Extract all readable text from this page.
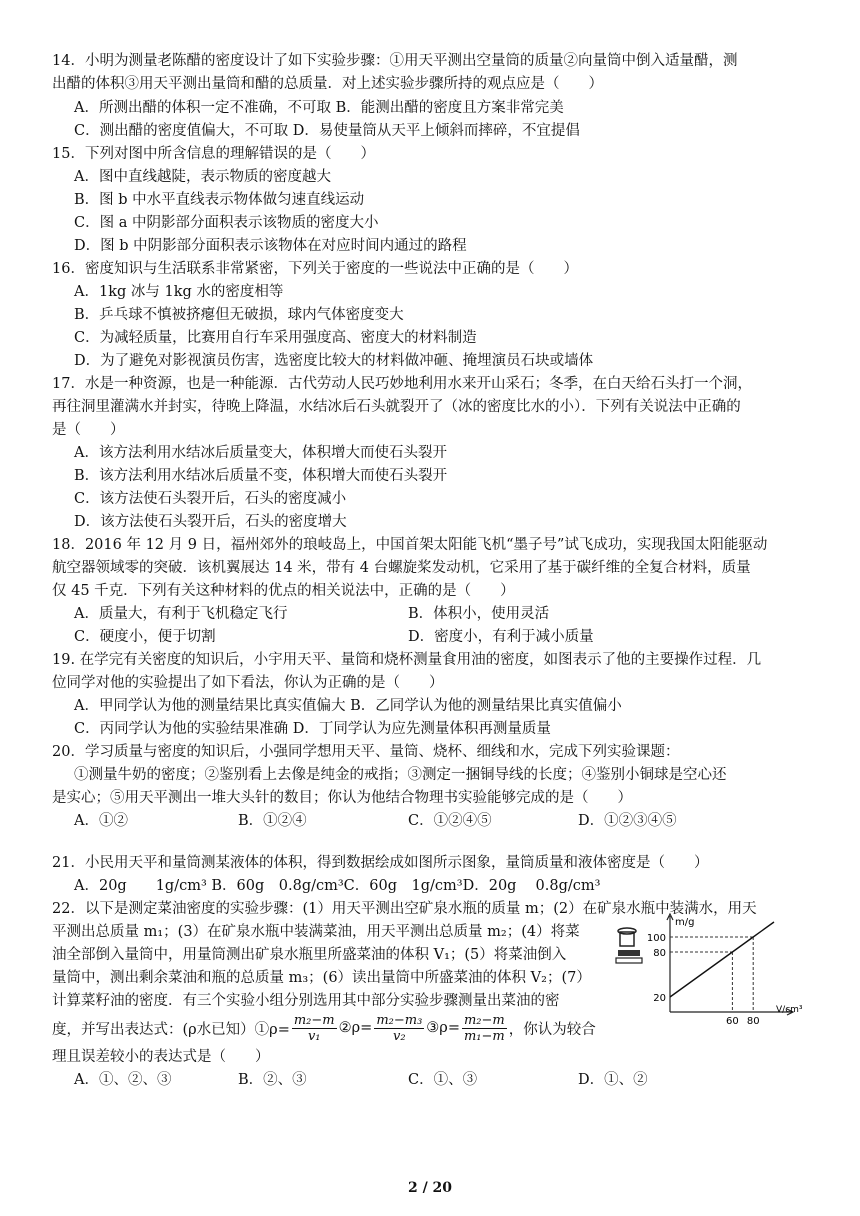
14．小明为测量老陈醋的密度设计了如下实验步骤：①用天平测出空量筒的质量②向量筒中倒入适量醋，测
出醋的体积③用天平测出量筒和醋的总质量．对上述实验步骤所持的观点应是（　　）
A．所测出醋的体积一定不准确，不可取 B．能测出醋的密度且方案非常完美
C．测出醋的密度值偏大，不可取 D．易使量筒从天平上倾斜而摔碎，不宜提倡
15．下列对图中所含信息的理解错误的是（　　）
A．图中直线越陡，表示物质的密度越大
B．图 b 中水平直线表示物体做匀速直线运动
C．图 a 中阴影部分面积表示该物质的密度大小
D．图 b 中阴影部分面积表示该物体在对应时间内通过的路程
16．密度知识与生活联系非常紧密，下列关于密度的一些说法中正确的是（　　）
A．1kg 冰与 1kg 水的密度相等
B．乒乓球不慎被挤瘪但无破损，球内气体密度变大
C．为减轻质量，比赛用自行车采用强度高、密度大的材料制造
D．为了避免对影视演员伤害，选密度比较大的材料做冲砸、掩埋演员石块或墙体
17．水是一种资源，也是一种能源．古代劳动人民巧妙地利用水来开山采石；冬季，在白天给石头打一个洞，
再往洞里灌满水并封实，待晚上降温，水结冰后石头就裂开了（冰的密度比水的小）．下列有关说法中正确的
是（　　）
A．该方法利用水结冰后质量变大，体积增大而使石头裂开
B．该方法利用水结冰后质量不变，体积增大而使石头裂开
C．该方法使石头裂开后，石头的密度减小
D．该方法使石头裂开后，石头的密度增大
18．2016 年 12 月 9 日，福州郊外的琅岐岛上，中国首架太阳能飞机“墨子号”试飞成功，实现我国太阳能驱动
航空器领域零的突破．该机翼展达 14 米，带有 4 台螺旋桨发动机，它采用了基于碳纤维的全复合材料，质量
仅 45 千克．下列有关这种材料的优点的相关说法中，正确的是（　　）
A．质量大，有利于飞机稳定飞行	B．体积小，使用灵活
C．硬度小，便于切割	D．密度小，有利于减小质量
19. 在学完有关密度的知识后，小宇用天平、量筒和烧杯测量食用油的密度，如图表示了他的主要操作过程．几
位同学对他的实验提出了如下看法，你认为正确的是（　　）
A．甲同学认为他的测量结果比真实值偏大 B．乙同学认为他的测量结果比真实值偏小
C．丙同学认为他的实验结果准确 D．丁同学认为应先测量体积再测量质量
20．学习质量与密度的知识后，小强同学想用天平、量筒、烧杯、细线和水，完成下列实验课题：
①测量牛奶的密度；②鉴别看上去像是纯金的戒指；③测定一捆铜导线的长度；④鉴别小铜球是空心还
是实心；⑤用天平测出一堆大头针的数目；你认为他结合物理书实验能够完成的是（　　）
A．①②	B．①②④	C．①②④⑤	D．①②③④⑤
21．小民用天平和量筒测某液体的体积，得到数据绘成如图所示图象，量筒质量和液体密度是（　　）
A．20g　　1g/cm³ B．60g　0.8g/cm³C．60g　1g/cm³D．20g　 0.8g/cm³
22．以下是测定菜油密度的实验步骤：(1）用天平测出空矿泉水瓶的质量 m；(2）在矿泉水瓶中装满水，用天
平测出总质量 m₁；(3）在矿泉水瓶中装满菜油，用天平测出总质量 m₂；(4）将菜
油全部倒入量筒中，用量筒测出矿泉水瓶里所盛菜油的体积 V₁；(5）将菜油倒入
量筒中，测出剩余菜油和瓶的总质量 m₃；(6）读出量筒中所盛菜油的体积 V₂；(7）
计算菜籽油的密度．有三个实验小组分别选用其中部分实验步骤测量出菜油的密
度，并写出表达式：(ρ水已知）①ρ= $\frac{\text{m₂−m}}{\text{v₁}}$ ②ρ= $\frac{\text{m₂−m₃}}{\text{v₂}}$ ③ρ= $\frac{\text{m₂−m}}{\text{m₁−m}}$ ，你认为较合
理且误差较小的表达式是（　　）
A．①、②、③	B．②、③	C．①、③	D．①、②
m/g
V/cm³
100
80
20
60 80
2 / 20
